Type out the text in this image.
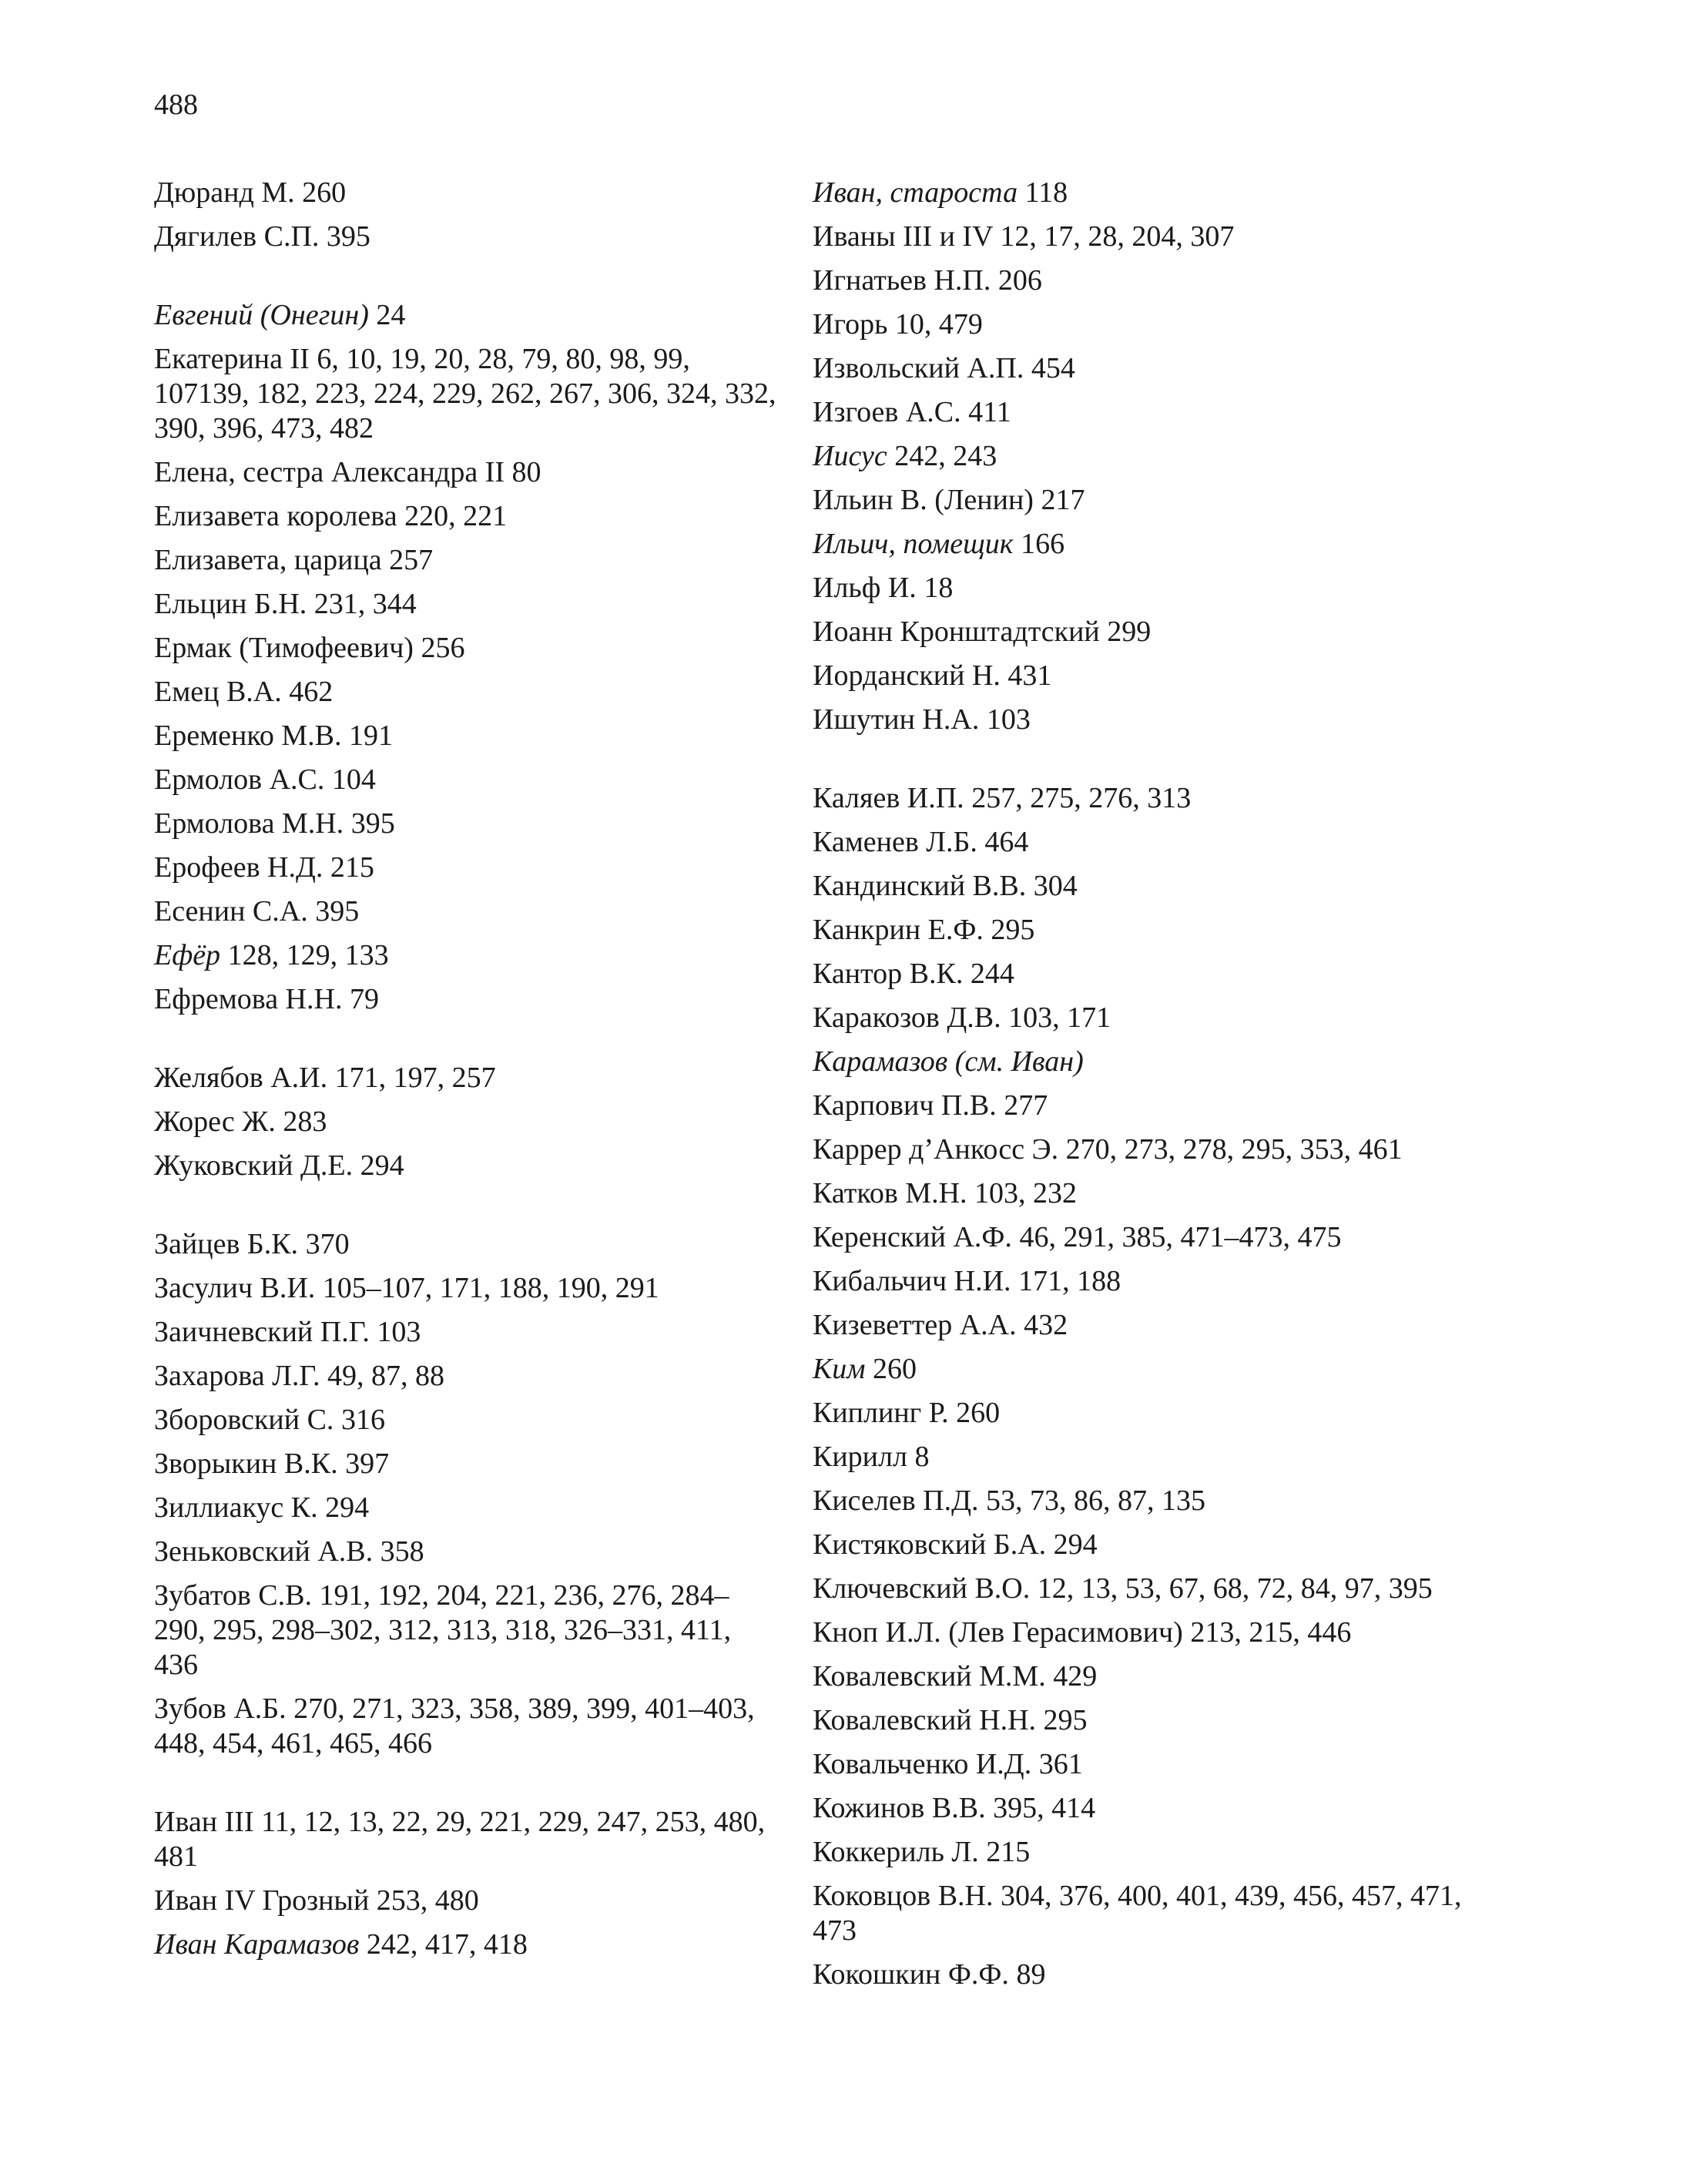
488

Дюранд М. 260

Дягилев С.П. 395

Евгений (Онегин) 24

Екатерина II 6, 10, 19, 20, 28, 79, 80, 98, 99, 107139, 182, 223, 224, 229, 262, 267, 306, 324, 332, 390, 396, 473, 482

Елена, сестра Александра II 80

Елизавета королева 220, 221

Елизавета, царица 257

Ельцин Б.Н. 231, 344

Ермак (Тимофеевич) 256

Емец В.А. 462

Еременко М.В. 191

Ермолов А.С. 104

Ермолова М.Н. 395

Ерофеев Н.Д. 215

Есенин С.А. 395

Ефёр 128, 129, 133

Ефремова Н.Н. 79

Желябов А.И. 171, 197, 257

Жорес Ж. 283

Жуковский Д.Е. 294

Зайцев Б.К. 370

Засулич В.И. 105–107, 171, 188, 190, 291

Заичневский П.Г. 103

Захарова Л.Г. 49, 87, 88

Зборовский С. 316

Зворыкин В.К. 397

Зиллиакус К. 294

Зеньковский А.В. 358

Зубатов С.В. 191, 192, 204, 221, 236, 276, 284–290, 295, 298–302, 312, 313, 318, 326–331, 411, 436

Зубов А.Б. 270, 271, 323, 358, 389, 399, 401–403, 448, 454, 461, 465, 466

Иван III 11, 12, 13, 22, 29, 221, 229, 247, 253, 480, 481

Иван IV Грозный 253, 480

Иван Карамазов 242, 417, 418

Иван, староста 118

Иваны III и IV 12, 17, 28, 204, 307

Игнатьев Н.П. 206

Игорь 10, 479

Извольский А.П. 454

Изгоев А.С. 411

Иисус 242, 243

Ильин В. (Ленин) 217

Ильич, помещик 166

Ильф И. 18

Иоанн Кронштадтский 299

Иорданский Н. 431

Ишутин Н.А. 103

Каляев И.П. 257, 275, 276, 313

Каменев Л.Б. 464

Кандинский В.В. 304

Канкрин Е.Ф. 295

Кантор В.К. 244

Каракозов Д.В. 103, 171

Карамазов (см. Иван)

Карпович П.В. 277

Каррер д’Анкосс Э. 270, 273, 278, 295, 353, 461

Катков М.Н. 103, 232

Керенский А.Ф. 46, 291, 385, 471–473, 475

Кибальчич Н.И. 171, 188

Кизеветтер А.А. 432

Ким 260

Киплинг Р. 260

Кирилл 8

Киселев П.Д. 53, 73, 86, 87, 135

Кистяковский Б.А. 294

Ключевский В.О. 12, 13, 53, 67, 68, 72, 84, 97, 395

Кноп И.Л. (Лев Герасимович) 213, 215, 446

Ковалевский М.М. 429

Ковалевский Н.Н. 295

Ковальченко И.Д. 361

Кожинов В.В. 395, 414

Коккериль Л. 215

Коковцов В.Н. 304, 376, 400, 401, 439, 456, 457, 471, 473

Кокошкин Ф.Ф. 89
